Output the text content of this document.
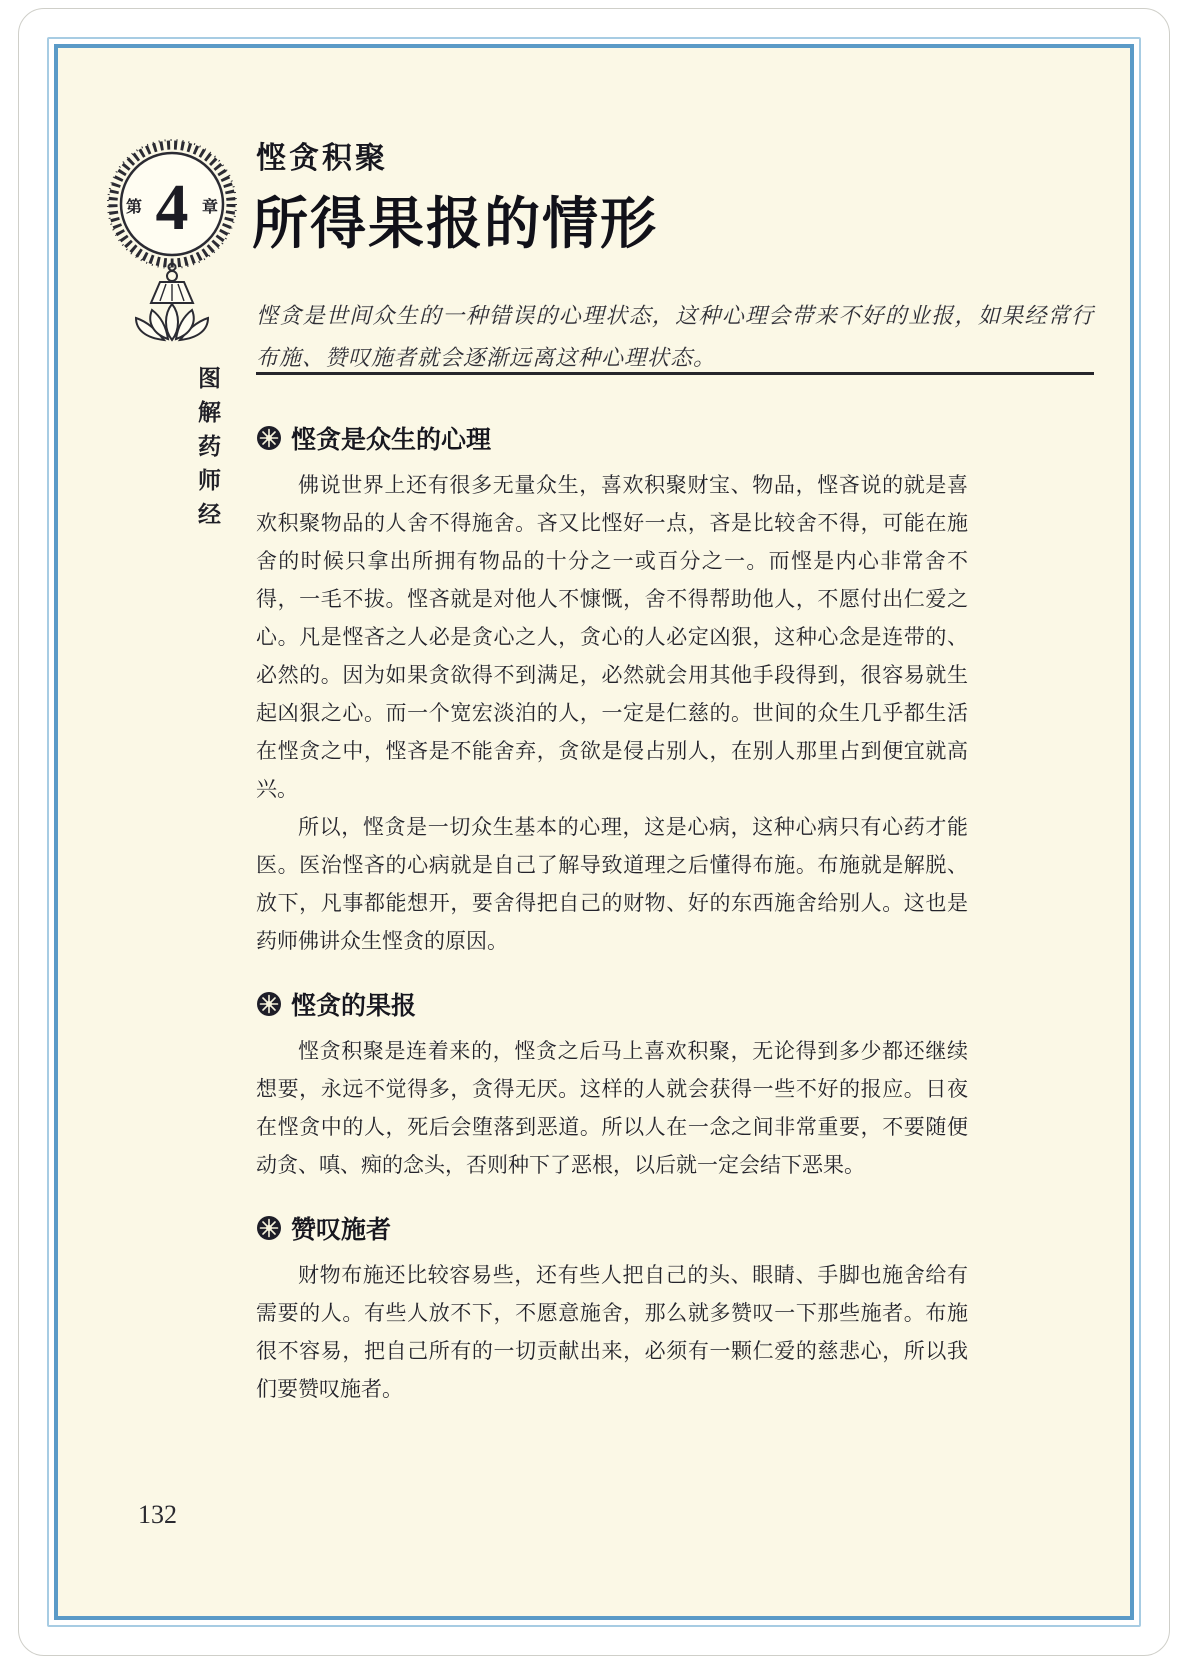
第 4 章
图解药师经
悭贪积聚
所得果报的情形
悭贪是世间众生的一种错误的心理状态，这种心理会带来不好的业报，如果经常行布施、赞叹施者就会逐渐远离这种心理状态。
悭贪是众生的心理

佛说世界上还有很多无量众生，喜欢积聚财宝、物品，悭吝说的就是喜欢积聚物品的人舍不得施舍。吝又比悭好一点，吝是比较舍不得，可能在施舍的时候只拿出所拥有物品的十分之一或百分之一。而悭是内心非常舍不得，一毛不拔。悭吝就是对他人不慷慨，舍不得帮助他人，不愿付出仁爱之心。凡是悭吝之人必是贪心之人，贪心的人必定凶狠，这种心念是连带的、必然的。因为如果贪欲得不到满足，必然就会用其他手段得到，很容易就生起凶狠之心。而一个宽宏淡泊的人，一定是仁慈的。世间的众生几乎都生活在悭贪之中，悭吝是不能舍弃，贪欲是侵占别人，在别人那里占到便宜就高兴。

所以，悭贪是一切众生基本的心理，这是心病，这种心病只有心药才能医。医治悭吝的心病就是自己了解导致道理之后懂得布施。布施就是解脱、放下，凡事都能想开，要舍得把自己的财物、好的东西施舍给别人。这也是药师佛讲众生悭贪的原因。

悭贪的果报

悭贪积聚是连着来的，悭贪之后马上喜欢积聚，无论得到多少都还继续想要，永远不觉得多，贪得无厌。这样的人就会获得一些不好的报应。日夜在悭贪中的人，死后会堕落到恶道。所以人在一念之间非常重要，不要随便动贪、嗔、痴的念头，否则种下了恶根，以后就一定会结下恶果。

赞叹施者

财物布施还比较容易些，还有些人把自己的头、眼睛、手脚也施舍给有需要的人。有些人放不下，不愿意施舍，那么就多赞叹一下那些施者。布施很不容易，把自己所有的一切贡献出来，必须有一颗仁爱的慈悲心，所以我们要赞叹施者。

132
